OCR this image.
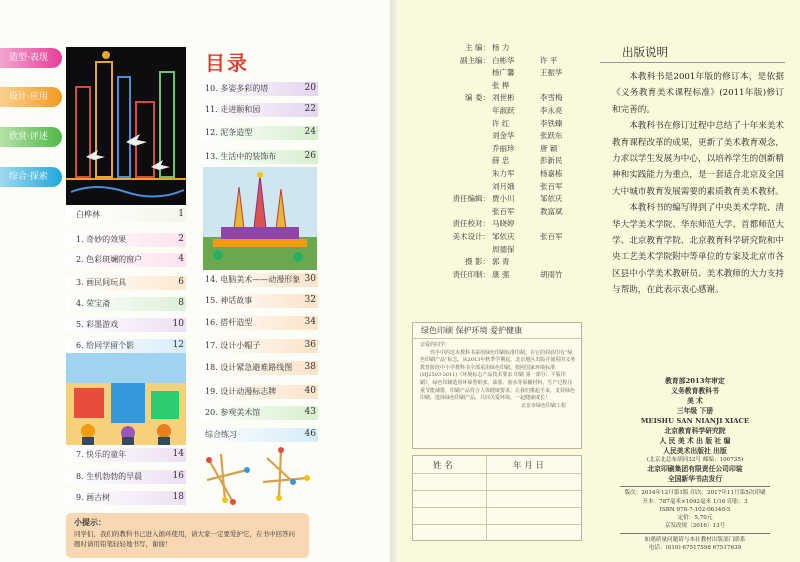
造型·表现
设计·应用
欣赏·评述
综合·探索
目录
白桦林	1
1. 奇妙的效果	2
2. 色彩斑斓的窗户	4
3. 画民间玩具	6
4. 荣宝斋	8
5. 彩墨游戏	10
6. 给同学留个影	12
7. 快乐的童年	14
8. 生机勃勃的早晨	16
9. 画古树	18
10. 多姿多彩的塔	20
11. 走进颐和园	22
12. 泥条造型	24
13. 生活中的装饰布	26
14. 电脑美术——动漫形象 30
15. 神话故事	32
16. 搭杆造型	34
17. 设计小帽子	36
18. 设计紧急避难路线图	38
19. 设计动漫标志牌	40
20. 参观美术馆	43
综合练习	46
小提示：
同学们，我们的教科书已进入循环使用，请大家一定要爱护它，在书中回答问题时请用铅笔轻轻地书写，谢谢！
主 编： 杨 力
副主编： 白彬华	许 平
杨广馨	王振华
张 桦
编 委： 刘世彬	李雪梅
年淑跃	李永亮
许 红	李铁臻
刘金华	张跃东
乔丽珍	唐 颖
薛 忠	彭新民
朱力军	杨嘉栋
刘月娥	张百军
责任编辑： 贾小川	邹依庆
张百军	教富斌
责任校对： 马晓婷
美术设计： 邹依庆	张百军
周德保
摄 影： 郭 青
责任印制： 康 强	胡雨竹
绿色印刷 保护环境 爱护健康
亲爱的同学：
你手中的这本教科书采用绿色印刷标准印制，在它的封底印有“绿色印刷产品”标志。从2013年秋季学期起，北京地区出版并使用的义务教育阶段中小学教科书全部采用绿色印刷。按照国家环境标准(HJ2503-2011)《环境标志产品技术要求 印刷 第一部分：平版印刷》，绿色印刷选用环保型纸张、油墨、胶水等原辅材料，生产过程注重节能减排，印刷产品符合人体健康要求。让我们携起手来，支持绿色印刷，选择绿色印刷产品，共同关爱环境，一起健康成长！
北京市绿色印刷工程
姓 名	年 月 日
出版说明

本教科书是2001年版的修订本，是依据《义务教育美术课程标准》(2011年版)修订和完善的。

本教科书在修订过程中总结了十年来美术教育课程改革的成果，更新了美术教育观念，力求以学生发展为中心，以培养学生的创新精神和实践能力为重点，是一套适合北京及全国大中城市教育发展需要的素质教育美术教材。

本教科书的编写得到了中央美术学院、清华大学美术学院、华东师范大学、首都师范大学、北京教育学院、北京教育科学研究院和中央工艺美术学院附中等单位的专家及北京市各区县中小学美术教研员、美术教师的大力支持与帮助，在此表示衷心感谢。

教育部2013年审定
义务教育教科书
美 术
三年级 下册
MEISHU SAN NIANJI XIACE
北京教育科学研究院
人 民 美 术 出 版 社 编
人民美术出版社 出版
(北京北总布胡同32号 邮编：100735)
北京印刷集团有限责任公司印装
全国新华书店发行
版次：2014年12月第1版 印次：2017年11月第5次印刷
开本：787毫米×1092毫米 1/16 印张：3
ISBN 978-7-102-06340-5
定价：5.70元
京发改规〔2016〕13号
如遇质量问题请与本社教材出版部门联系
电话：(010) 67517598 67517639
